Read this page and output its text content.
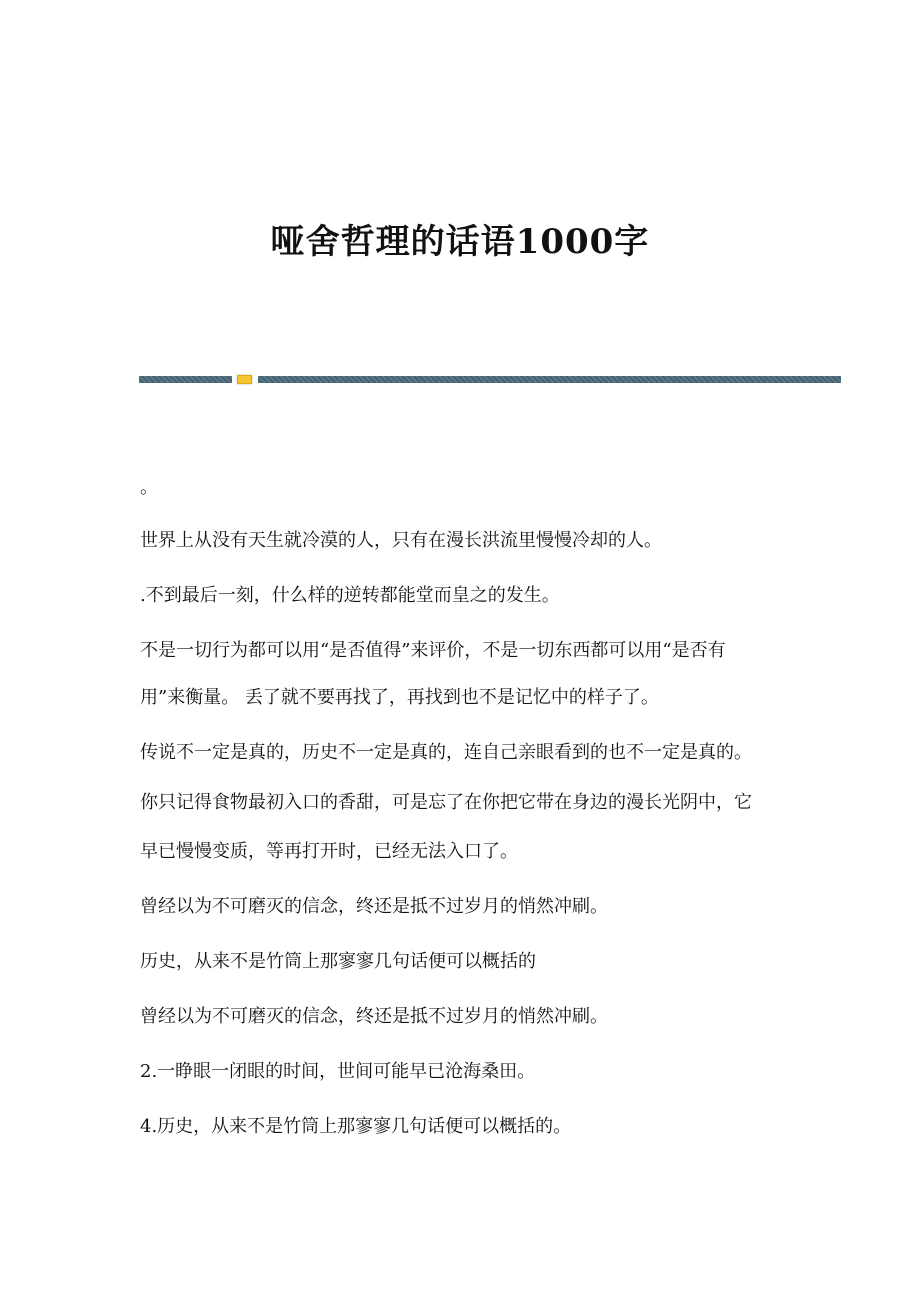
哑舍哲理的话语1000字
。
世界上从没有天生就冷漠的人，只有在漫长洪流里慢慢冷却的人。
.不到最后一刻，什么样的逆转都能堂而皇之的发生。
不是一切行为都可以用“是否值得”来评价，不是一切东西都可以用“是否有
用”来衡量。 丢了就不要再找了，再找到也不是记忆中的样子了。
传说不一定是真的，历史不一定是真的，连自己亲眼看到的也不一定是真的。
你只记得食物最初入口的香甜，可是忘了在你把它带在身边的漫长光阴中，它
早已慢慢变质，等再打开时，已经无法入口了。
曾经以为不可磨灭的信念，终还是抵不过岁月的悄然冲刷。
历史，从来不是竹筒上那寥寥几句话便可以概括的
曾经以为不可磨灭的信念，终还是抵不过岁月的悄然冲刷。
2.一睁眼一闭眼的时间，世间可能早已沧海桑田。
4.历史，从来不是竹筒上那寥寥几句话便可以概括的。
